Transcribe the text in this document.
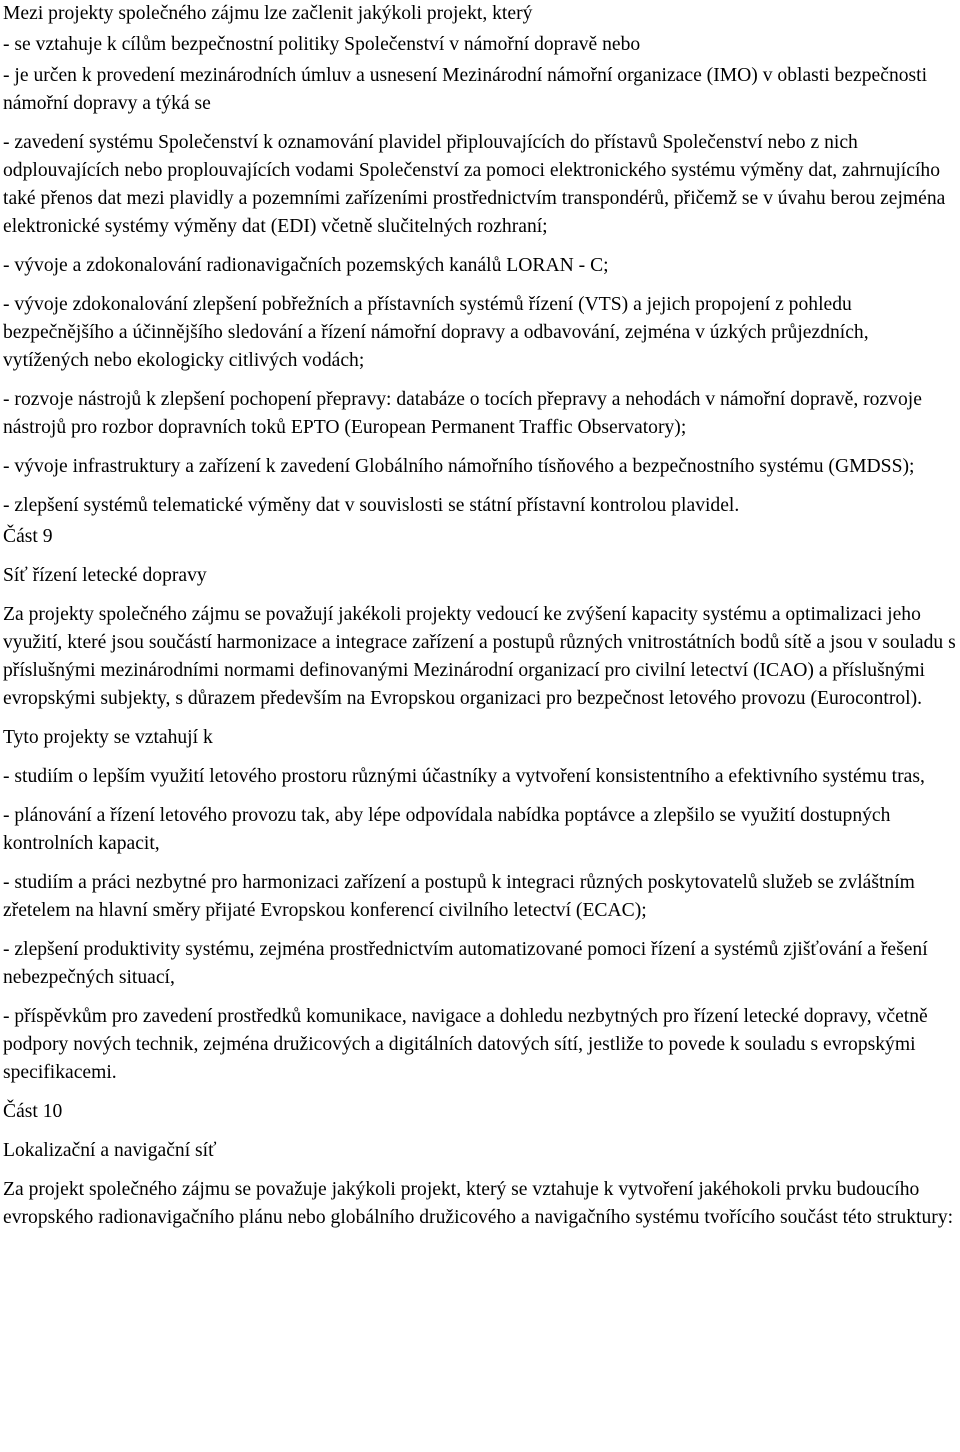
Mezi projekty společného zájmu lze začlenit jakýkoli projekt, který

- se vztahuje k cílům bezpečnostní politiky Společenství v námořní dopravě nebo

- je určen k provedení mezinárodních úmluv a usnesení Mezinárodní námořní organizace (IMO) v oblasti bezpečnosti námořní dopravy a týká se

- zavedení systému Společenství k oznamování plavidel připlouvajících do přístavů Společenství nebo z nich odplouvajících nebo proplouvajících vodami Společenství za pomoci elektronického systému výměny dat, zahrnujícího také přenos dat mezi plavidly a pozemními zařízeními prostřednictvím transpondérů, přičemž se v úvahu berou zejména elektronické systémy výměny dat (EDI) včetně slučitelných rozhraní;

- vývoje a zdokonalování radionavigačních pozemských kanálů LORAN - C;

- vývoje zdokonalování zlepšení pobřežních a přístavních systémů řízení (VTS) a jejich propojení z pohledu bezpečnějšího a účinnějšího sledování a řízení námořní dopravy a odbavování, zejména v úzkých průjezdních, vytížených nebo ekologicky citlivých vodách;

- rozvoje nástrojů k zlepšení pochopení přepravy: databáze o tocích přepravy a nehodách v námořní dopravě, rozvoje nástrojů pro rozbor dopravních toků EPTO (European Permanent Traffic Observatory);

- vývoje infrastruktury a zařízení k zavedení Globálního námořního tísňového a bezpečnostního systému (GMDSS);

- zlepšení systémů telematické výměny dat v souvislosti se státní přístavní kontrolou plavidel.

Část 9

Síť řízení letecké dopravy

Za projekty společného zájmu se považují jakékoli projekty vedoucí ke zvýšení kapacity systému a optimalizaci jeho využití, které jsou součástí harmonizace a integrace zařízení a postupů různých vnitrostátních bodů sítě a jsou v souladu s příslušnými mezinárodními normami definovanými Mezinárodní organizací pro civilní letectví (ICAO) a příslušnými evropskými subjekty, s důrazem především na Evropskou organizaci pro bezpečnost letového provozu (Eurocontrol).

Tyto projekty se vztahují k

- studiím o lepším využití letového prostoru různými účastníky a vytvoření konsistentního a efektivního systému tras,

- plánování a řízení letového provozu tak, aby lépe odpovídala nabídka poptávce a zlepšilo se využití dostupných kontrolních kapacit,

- studiím a práci nezbytné pro harmonizaci zařízení a postupů k integraci různých poskytovatelů služeb se zvláštním zřetelem na hlavní směry přijaté Evropskou konferencí civilního letectví (ECAC);

- zlepšení produktivity systému, zejména prostřednictvím automatizované pomoci řízení a systémů zjišťování a řešení nebezpečných situací,

- příspěvkům pro zavedení prostředků komunikace, navigace a dohledu nezbytných pro řízení letecké dopravy, včetně podpory nových technik, zejména družicových a digitálních datových sítí, jestliže to povede k souladu s evropskými specifikacemi.

Část 10

Lokalizační a navigační síť

Za projekt společného zájmu se považuje jakýkoli projekt, který se vztahuje k vytvoření jakéhokoli prvku budoucího evropského radionavigačního plánu nebo globálního družicového a navigačního systému tvořícího součást této struktury:
